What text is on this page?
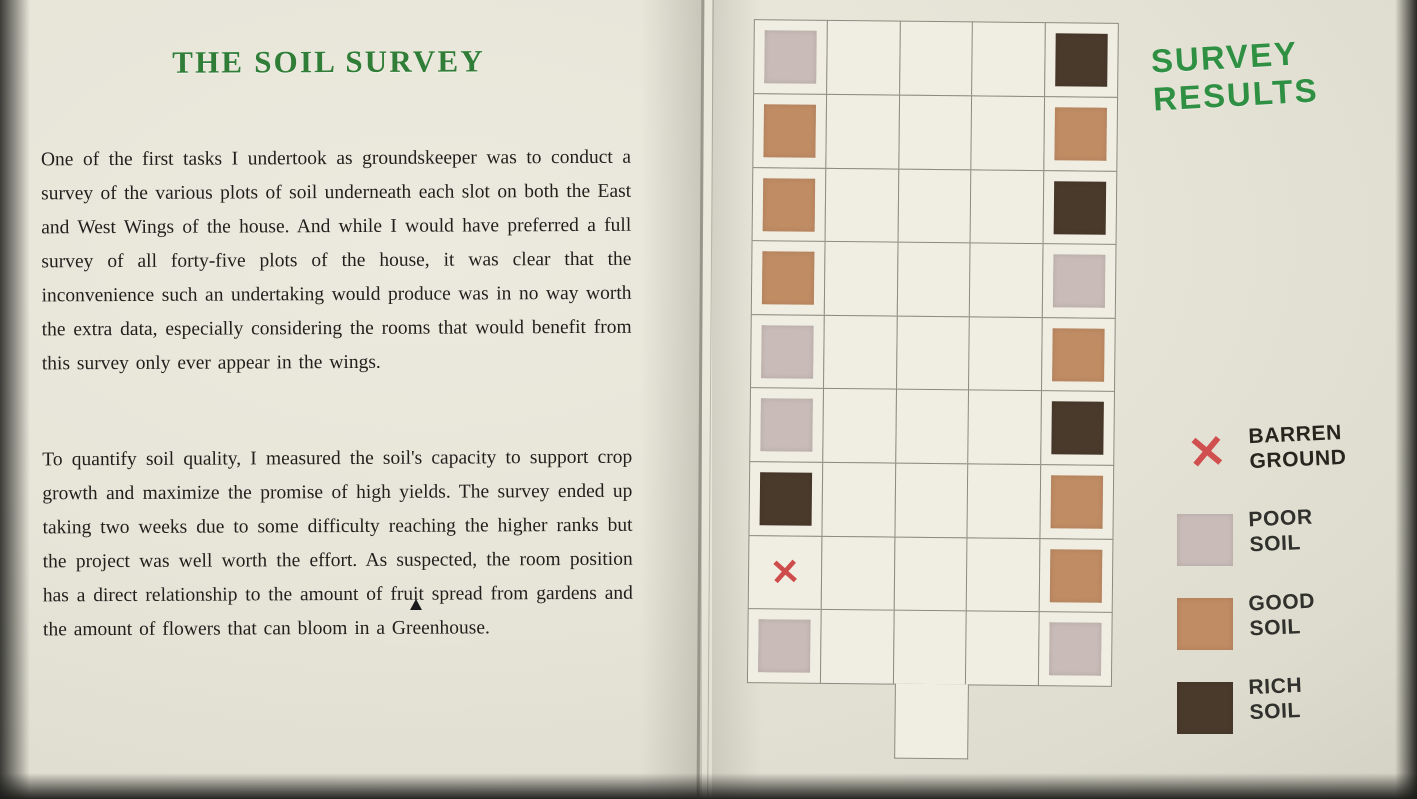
THE SOIL SURVEY
One of the first tasks I undertook as groundskeeper was to conduct a survey of the various plots of soil underneath each slot on both the East and West Wings of the house. And while I would have preferred a full survey of all forty-five plots of the house, it was clear that the inconvenience such an undertaking would produce was in no way worth the extra data, especially considering the rooms that would benefit from this survey only ever appear in the wings.
To quantify soil quality, I measured the soil's capacity to support crop growth and maximize the promise of high yields. The survey ended up taking two weeks due to some difficulty reaching the higher ranks but the project was well worth the effort. As suspected, the room position has a direct relationship to the amount of fruit spread from gardens and the amount of flowers that can bloom in a Greenhouse.
SURVEY
RESULTS
✕
✕ BARREN
GROUND
POOR
SOIL
GOOD
SOIL
RICH
SOIL
